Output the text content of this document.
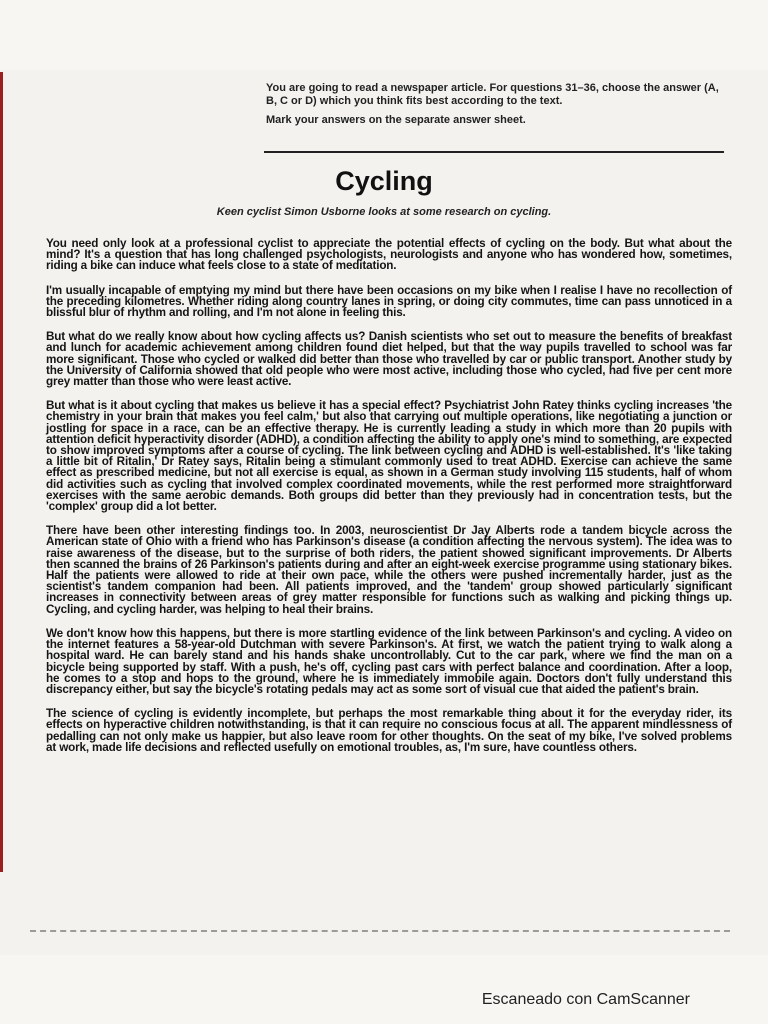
You are going to read a newspaper article. For questions 31–36, choose the answer (A, B, C or D) which you think fits best according to the text.

Mark your answers on the separate answer sheet.

Cycling
Keen cyclist Simon Usborne looks at some research on cycling.

You need only look at a professional cyclist to appreciate the potential effects of cycling on the body. But what about the mind? It's a question that has long challenged psychologists, neurologists and anyone who has wondered how, sometimes, riding a bike can induce what feels close to a state of meditation.

I'm usually incapable of emptying my mind but there have been occasions on my bike when I realise I have no recollection of the preceding kilometres. Whether riding along country lanes in spring, or doing city commutes, time can pass unnoticed in a blissful blur of rhythm and rolling, and I'm not alone in feeling this.

But what do we really know about how cycling affects us? Danish scientists who set out to measure the benefits of breakfast and lunch for academic achievement among children found diet helped, but that the way pupils travelled to school was far more significant. Those who cycled or walked did better than those who travelled by car or public transport. Another study by the University of California showed that old people who were most active, including those who cycled, had five per cent more grey matter than those who were least active.

But what is it about cycling that makes us believe it has a special effect? Psychiatrist John Ratey thinks cycling increases 'the chemistry in your brain that makes you feel calm,' but also that carrying out multiple operations, like negotiating a junction or jostling for space in a race, can be an effective therapy. He is currently leading a study in which more than 20 pupils with attention deficit hyperactivity disorder (ADHD), a condition affecting the ability to apply one's mind to something, are expected to show improved symptoms after a course of cycling. The link between cycling and ADHD is well-established. It's 'like taking a little bit of Ritalin,' Dr Ratey says, Ritalin being a stimulant commonly used to treat ADHD. Exercise can achieve the same effect as prescribed medicine, but not all exercise is equal, as shown in a German study involving 115 students, half of whom did activities such as cycling that involved complex coordinated movements, while the rest performed more straightforward exercises with the same aerobic demands. Both groups did better than they previously had in concentration tests, but the 'complex' group did a lot better.

There have been other interesting findings too. In 2003, neuroscientist Dr Jay Alberts rode a tandem bicycle across the American state of Ohio with a friend who has Parkinson's disease (a condition affecting the nervous system). The idea was to raise awareness of the disease, but to the surprise of both riders, the patient showed significant improvements. Dr Alberts then scanned the brains of 26 Parkinson's patients during and after an eight-week exercise programme using stationary bikes. Half the patients were allowed to ride at their own pace, while the others were pushed incrementally harder, just as the scientist's tandem companion had been. All patients improved, and the 'tandem' group showed particularly significant increases in connectivity between areas of grey matter responsible for functions such as walking and picking things up. Cycling, and cycling harder, was helping to heal their brains.

We don't know how this happens, but there is more startling evidence of the link between Parkinson's and cycling. A video on the internet features a 58-year-old Dutchman with severe Parkinson's. At first, we watch the patient trying to walk along a hospital ward. He can barely stand and his hands shake uncontrollably. Cut to the car park, where we find the man on a bicycle being supported by staff. With a push, he's off, cycling past cars with perfect balance and coordination. After a loop, he comes to a stop and hops to the ground, where he is immediately immobile again. Doctors don't fully understand this discrepancy either, but say the bicycle's rotating pedals may act as some sort of visual cue that aided the patient's brain.

The science of cycling is evidently incomplete, but perhaps the most remarkable thing about it for the everyday rider, its effects on hyperactive children notwithstanding, is that it can require no conscious focus at all. The apparent mindlessness of pedalling can not only make us happier, but also leave room for other thoughts. On the seat of my bike, I've solved problems at work, made life decisions and reflected usefully on emotional troubles, as, I'm sure, have countless others.

Escaneado con CamScanner
